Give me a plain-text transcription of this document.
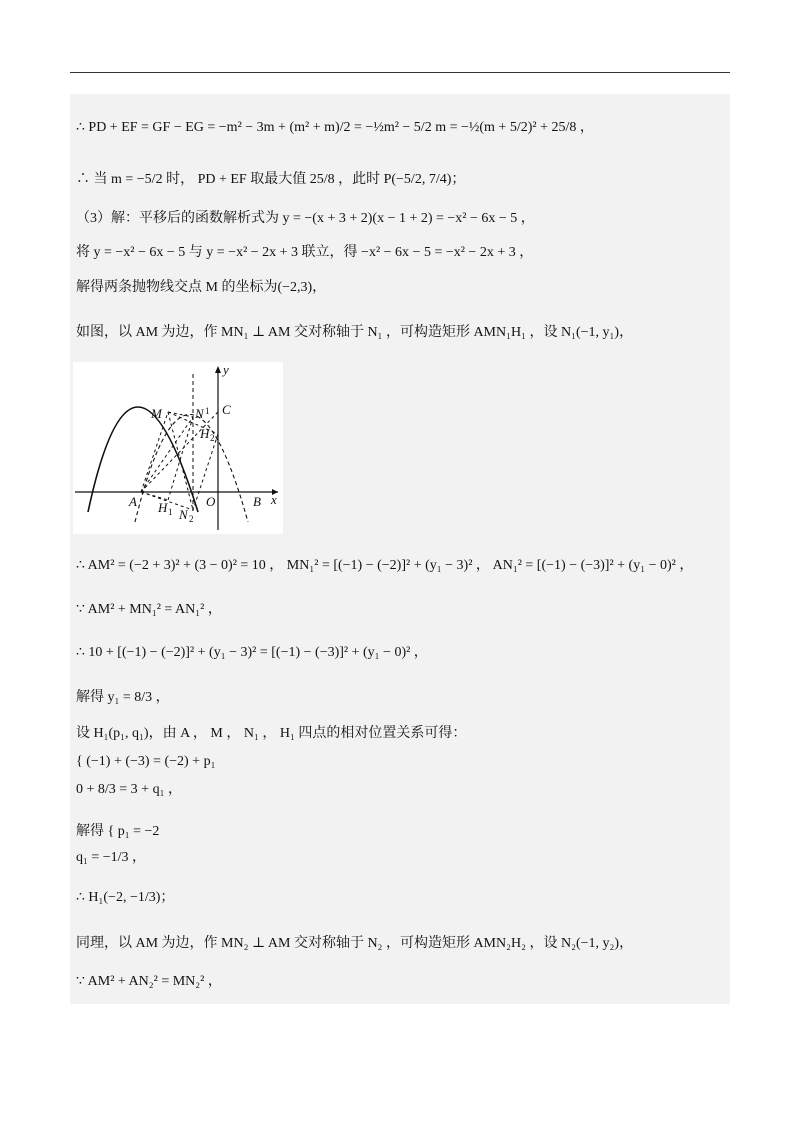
∴ PD + EF = GF − EG = −m² − 3m + (m² + m)/2 = −½m² − 5/2 m = −½(m + 5/2)² + 25/8 ，
∴ 当 m = −5/2 时， PD + EF 取最大值 25/8 ，此时 P(−5/2, 7/4)；
（3）解：平移后的函数解析式为 y = −(x + 3 + 2)(x − 1 + 2) = −x² − 6x − 5 ，
将 y = −x² − 6x − 5 与 y = −x² − 2x + 3 联立，得 −x² − 6x − 5 = −x² − 2x + 3 ，
解得两条抛物线交点 M 的坐标为(−2,3)，
如图，以 AM 为边，作 MN₁ ⊥ AM 交对称轴于 N₁ ，可构造矩形 AMN₁H₁ ，设 N₁(−1, y₁)，
y
x
O
A	B
C
M	N 1
H 2
H 1 N 2
∴ AM² = (−2 + 3)² + (3 − 0)² = 10 ， MN₁² = [(−1) − (−2)]² + (y₁ − 3)² ， AN₁² = [(−1) − (−3)]² + (y₁ − 0)² ，
∵ AM² + MN₁² = AN₁² ，
∴ 10 + [(−1) − (−2)]² + (y₁ − 3)² = [(−1) − (−3)]² + (y₁ − 0)² ，
解得 y₁ = 8/3 ，
设 H₁(p₁, q₁)，由 A ， M ， N₁ ， H₁ 四点的相对位置关系可得：
{ (−1) + (−3) = (−2) + p₁
0 + 8/3 = 3 + q₁ ，
解得 { p₁ = −2
q₁ = −1/3 ，
∴ H₁(−2, −1/3)；
同理，以 AM 为边，作 MN₂ ⊥ AM 交对称轴于 N₂ ，可构造矩形 AMN₂H₂ ，设 N₂(−1, y₂)，
∵ AM² + AN₂² = MN₂² ，
